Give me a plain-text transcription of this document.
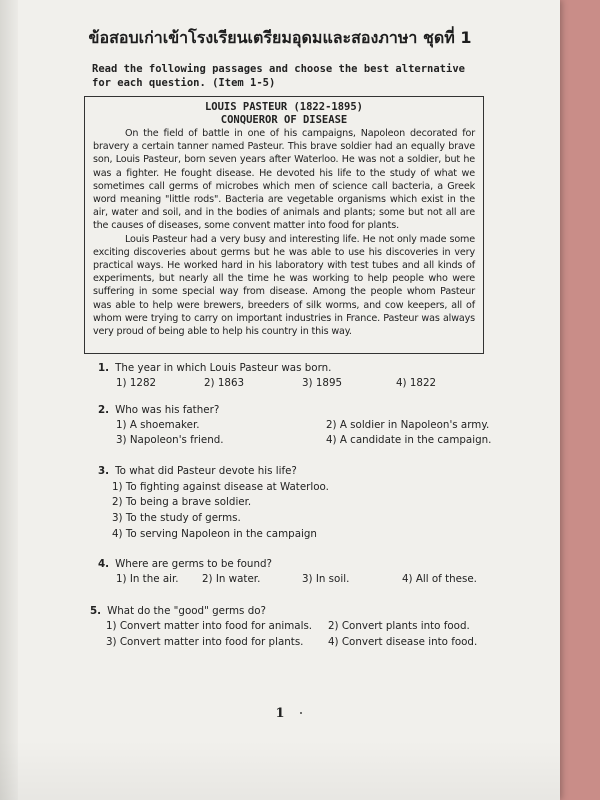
ข้อสอบเก่าเข้าโรงเรียนเตรียมอุดมและสองภาษา ชุดที่ 1
Read the following passages and choose the best alternative for each question. (Item 1-5)
LOUIS PASTEUR (1822-1895)
CONQUEROR OF DISEASE

On the field of battle in one of his campaigns, Napoleon decorated for bravery a certain tanner named Pasteur. This brave soldier had an equally brave son, Louis Pasteur, born seven years after Waterloo. He was not a soldier, but he was a fighter. He fought disease. He devoted his life to the study of what we sometimes call germs of microbes which men of science call bacteria, a Greek word meaning "little rods". Bacteria are vegetable organisms which exist in the air, water and soil, and in the bodies of animals and plants; some but not all are the causes of diseases, some convent matter into food for plants.

Louis Pasteur had a very busy and interesting life. He not only made some exciting discoveries about germs but he was able to use his discoveries in very practical ways. He worked hard in his laboratory with test tubes and all kinds of experiments, but nearly all the time he was working to help people who were suffering in some special way from disease. Among the people whom Pasteur was able to help were brewers, breeders of silk worms, and cow keepers, all of whom were trying to carry on important industries in France. Pasteur was always very proud of being able to help his country in this way.

1. The year in which Louis Pasteur was born.
1) 1282	2) 1863	3) 1895	4) 1822
2. Who was his father?
1) A shoemaker.	2) A soldier in Napoleon's army.
3) Napoleon's friend.	4) A candidate in the campaign.
3. To what did Pasteur devote his life?
1) To fighting against disease at Waterloo.
2) To being a brave soldier.
3) To the study of germs.
4) To serving Napoleon in the campaign
4. Where are germs to be found?
1) In the air. 2) In water.	3) In soil.	4) All of these.
5. What do the "good" germs do?
1) Convert matter into food for animals. 2) Convert plants into food.
3) Convert matter into food for plants. 4) Convert disease into food.
1
